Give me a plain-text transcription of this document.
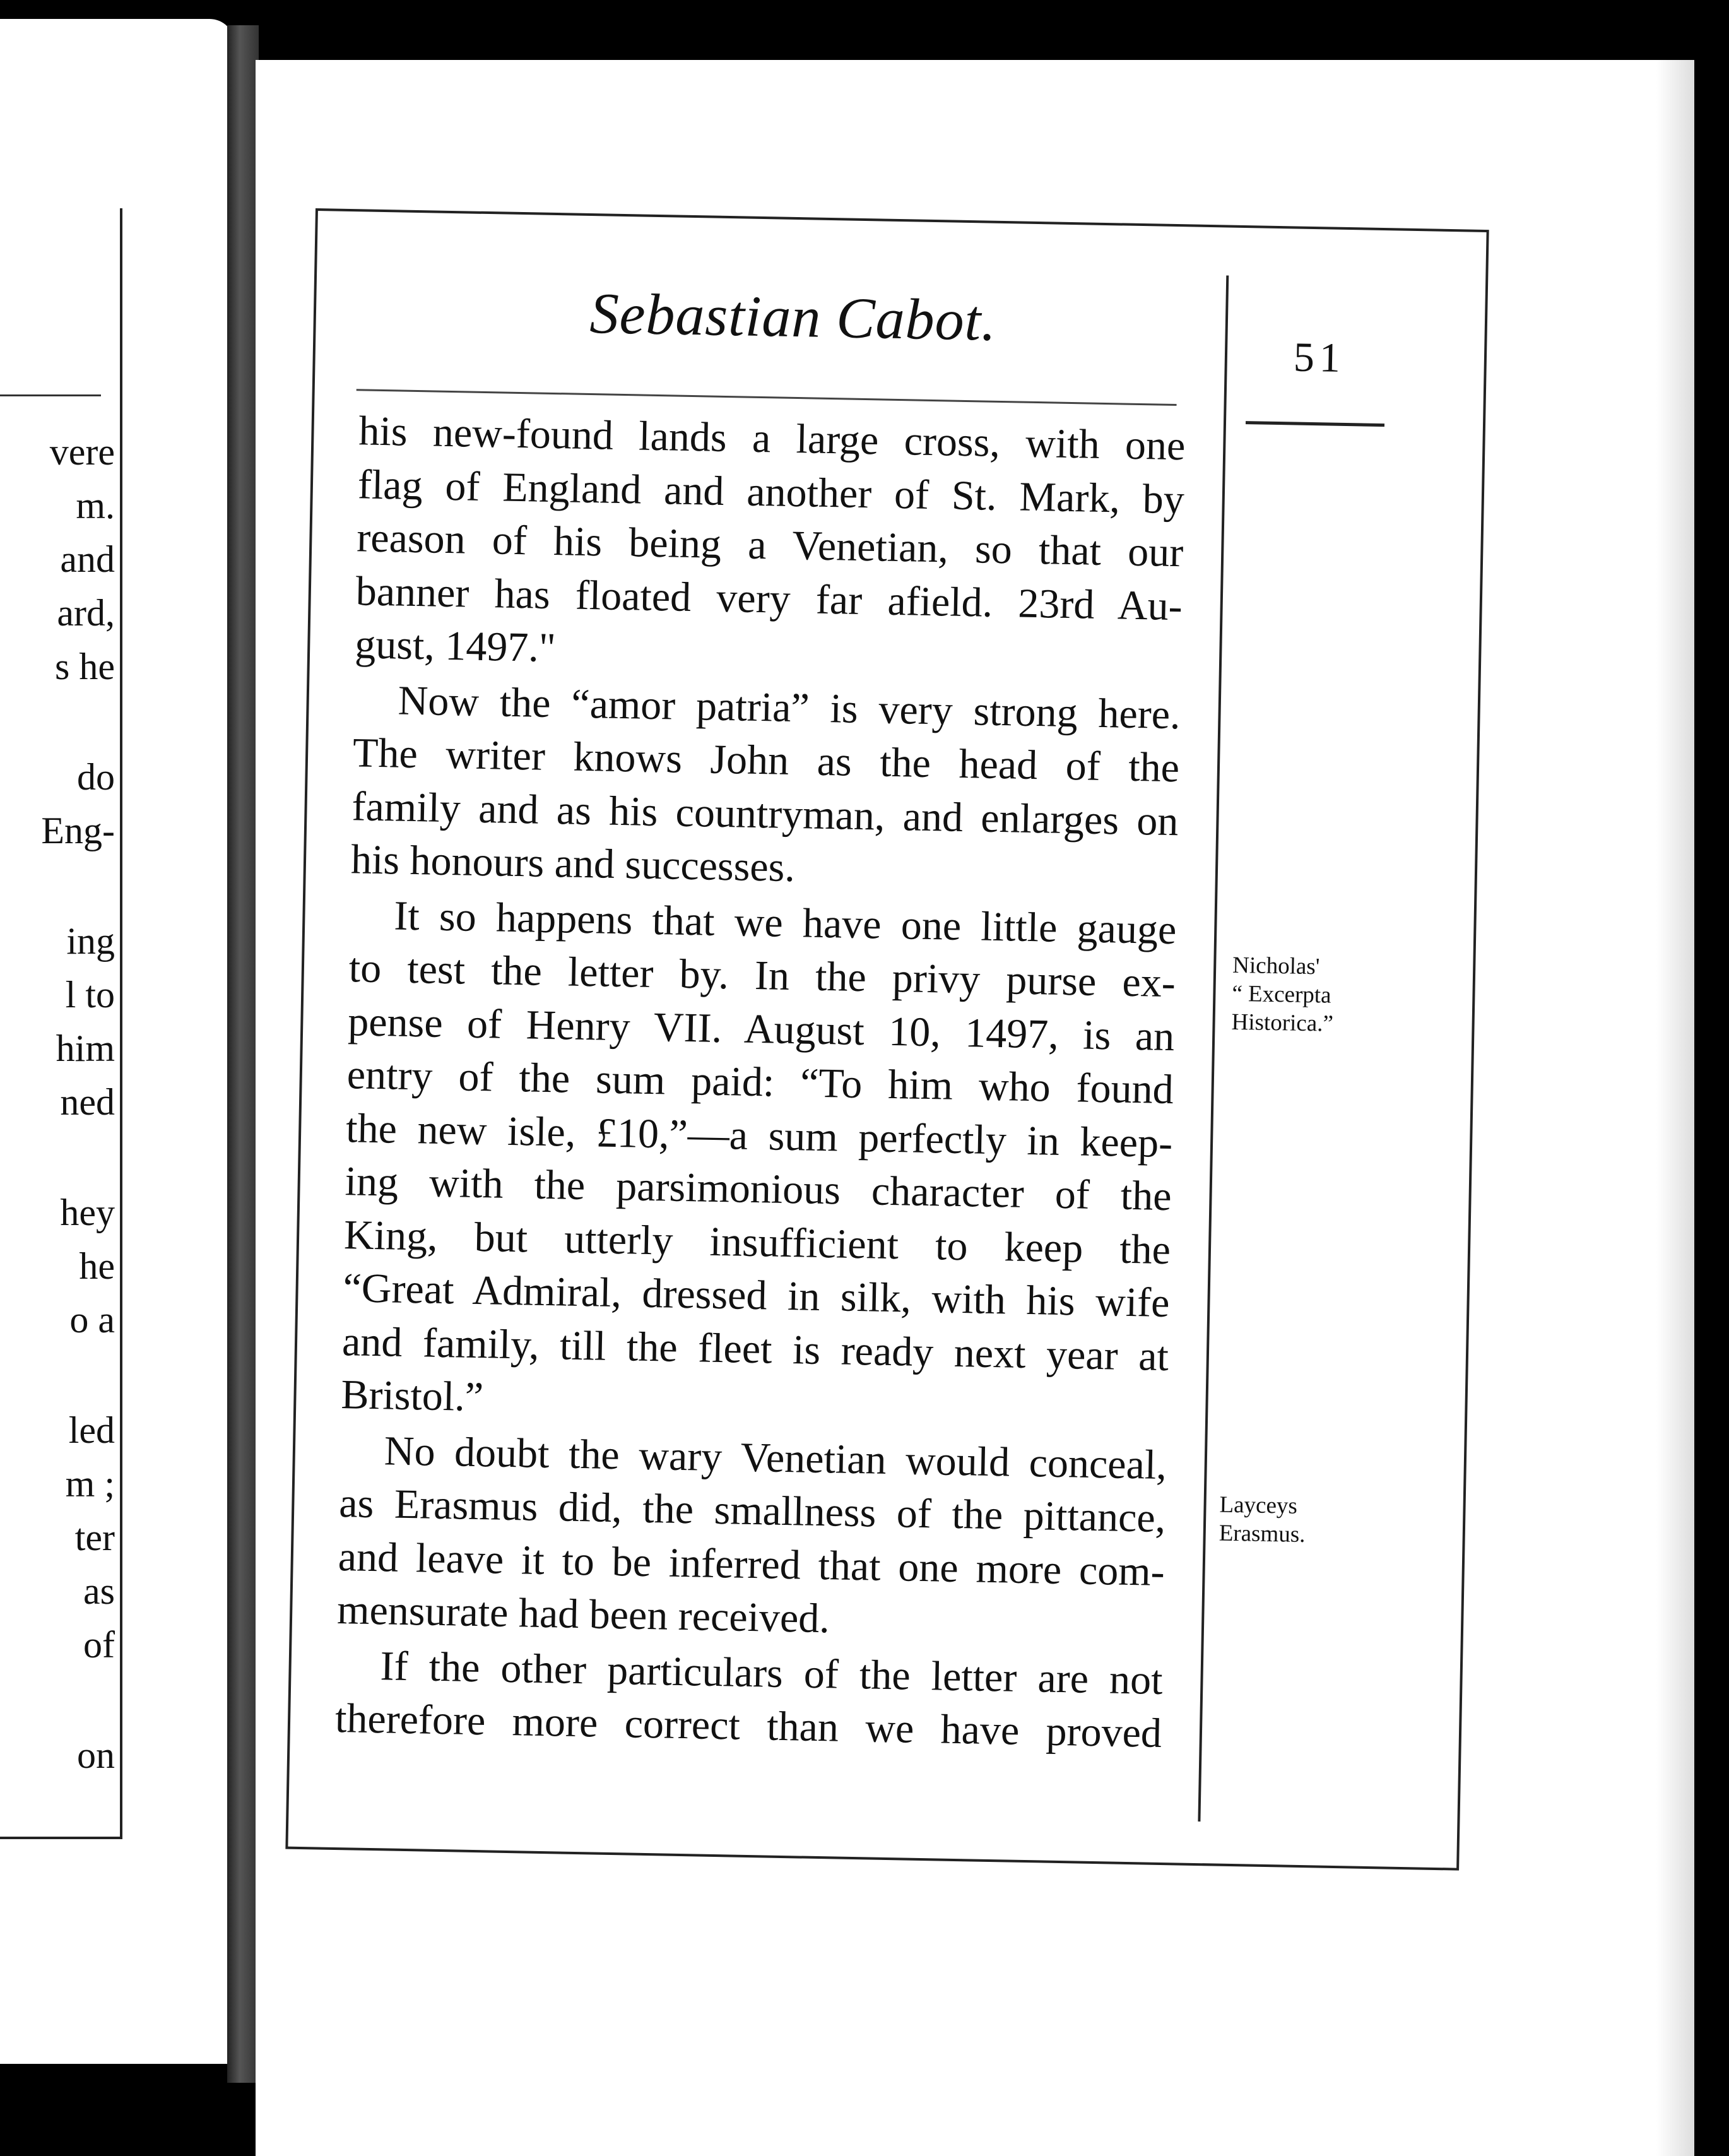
vere
m.
and
ard,
s he
do
Eng-
ing
l to
him
ned
hey
he
o a
led
m ;
ter
as
of
on
Sebastian Cabot.
51
his new-found lands a large cross, with one
flag of England and another of St. Mark, by
reason of his being a Venetian, so that our
banner has floated very far afield. 23rd Au-
gust, 1497."
Now the “amor patria” is very strong here.
The writer knows John as the head of the
family and as his countryman, and enlarges on
his honours and successes.
It so happens that we have one little gauge
to test the letter by. In the privy purse ex-
pense of Henry VII. August 10, 1497, is an
entry of the sum paid: “To him who found
the new isle, £10,”—a sum perfectly in keep-
ing with the parsimonious character of the
King, but utterly insufficient to keep the
“Great Admiral, dressed in silk, with his wife
and family, till the fleet is ready next year at
Bristol.”
No doubt the wary Venetian would conceal,
as Erasmus did, the smallness of the pittance,
and leave it to be inferred that one more com-
mensurate had been received.
If the other particulars of the letter are not
therefore more correct than we have proved
Nicholas'
“ Excerpta
Historica.”
Layceys
Erasmus.
